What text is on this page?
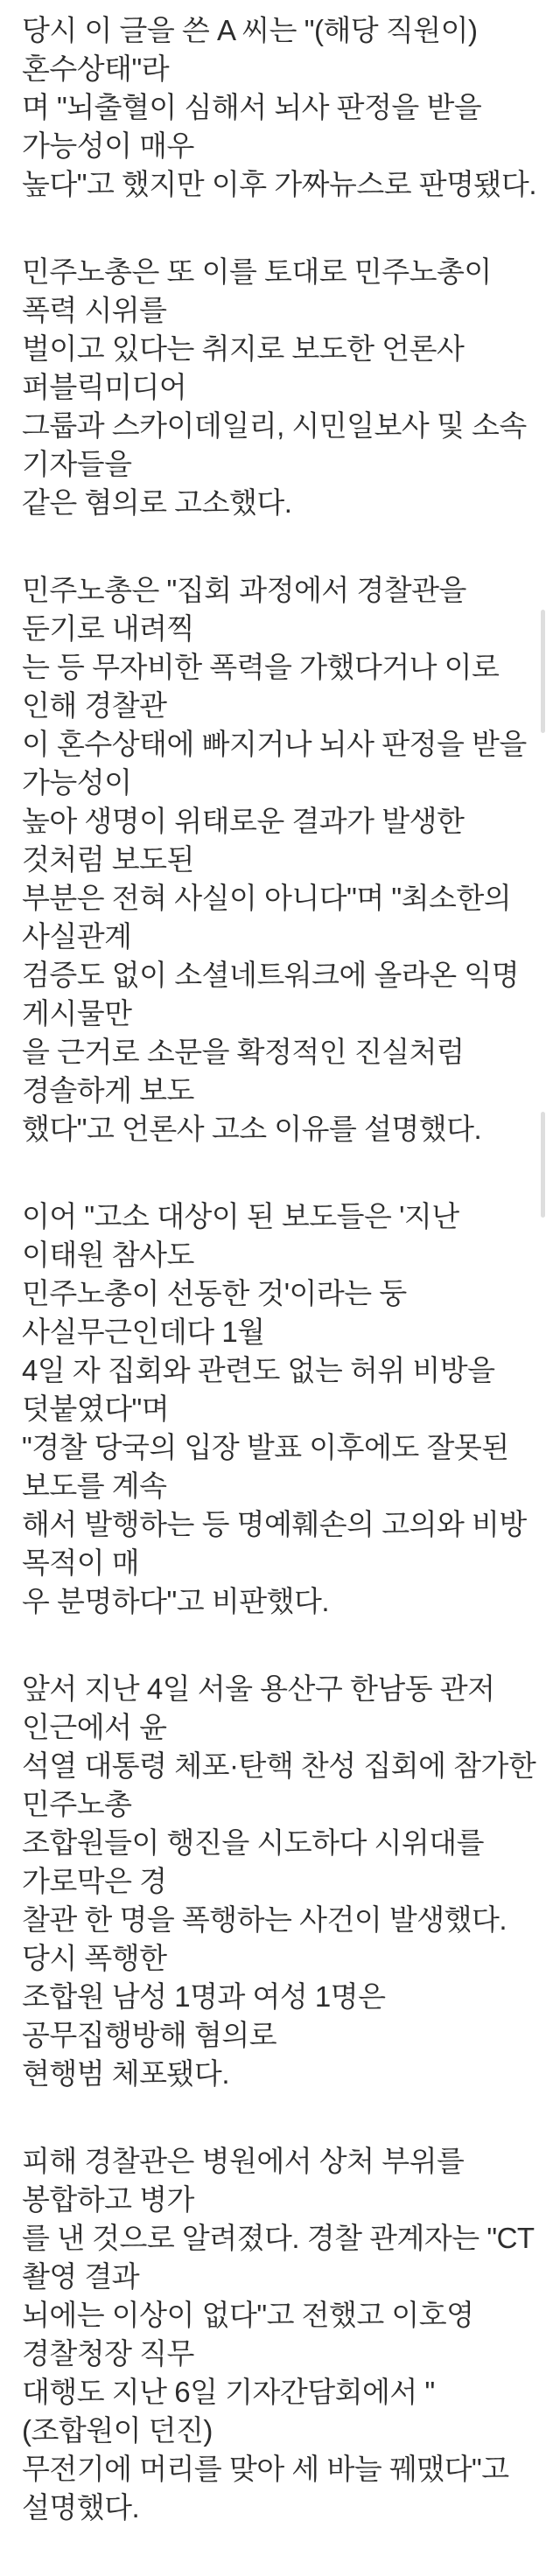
당시 이 글을 쓴 A 씨는 "(해당 직원이) 혼수상태"라
며 "뇌출혈이 심해서 뇌사 판정을 받을 가능성이 매우
높다"고 했지만 이후 가짜뉴스로 판명됐다.

민주노총은 또 이를 토대로 민주노총이 폭력 시위를
벌이고 있다는 취지로 보도한 언론사 퍼블릭미디어
그룹과 스카이데일리, 시민일보사 및 소속 기자들을
같은 혐의로 고소했다.

민주노총은 "집회 과정에서 경찰관을 둔기로 내려찍
는 등 무자비한 폭력을 가했다거나 이로 인해 경찰관
이 혼수상태에 빠지거나 뇌사 판정을 받을 가능성이
높아 생명이 위태로운 결과가 발생한 것처럼 보도된
부분은 전혀 사실이 아니다"며 "최소한의 사실관계
검증도 없이 소셜네트워크에 올라온 익명 게시물만
을 근거로 소문을 확정적인 진실처럼 경솔하게 보도
했다"고 언론사 고소 이유를 설명했다.

이어 "고소 대상이 된 보도들은 '지난 이태원 참사도
민주노총이 선동한 것'이라는 둥 사실무근인데다 1월
4일 자 집회와 관련도 없는 허위 비방을 덧붙였다"며
"경찰 당국의 입장 발표 이후에도 잘못된 보도를 계속
해서 발행하는 등 명예훼손의 고의와 비방 목적이 매
우 분명하다"고 비판했다.

앞서 지난 4일 서울 용산구 한남동 관저 인근에서 윤
석열 대통령 체포·탄핵 찬성 집회에 참가한 민주노총
조합원들이 행진을 시도하다 시위대를 가로막은 경
찰관 한 명을 폭행하는 사건이 발생했다. 당시 폭행한
조합원 남성 1명과 여성 1명은 공무집행방해 혐의로
현행범 체포됐다.

피해 경찰관은 병원에서 상처 부위를 봉합하고 병가
를 낸 것으로 알려졌다. 경찰 관계자는 "CT 촬영 결과
뇌에는 이상이 없다"고 전했고 이호영 경찰청장 직무
대행도 지난 6일 기자간담회에서 "(조합원이 던진)
무전기에 머리를 맞아 세 바늘 꿰맸다"고 설명했다.
